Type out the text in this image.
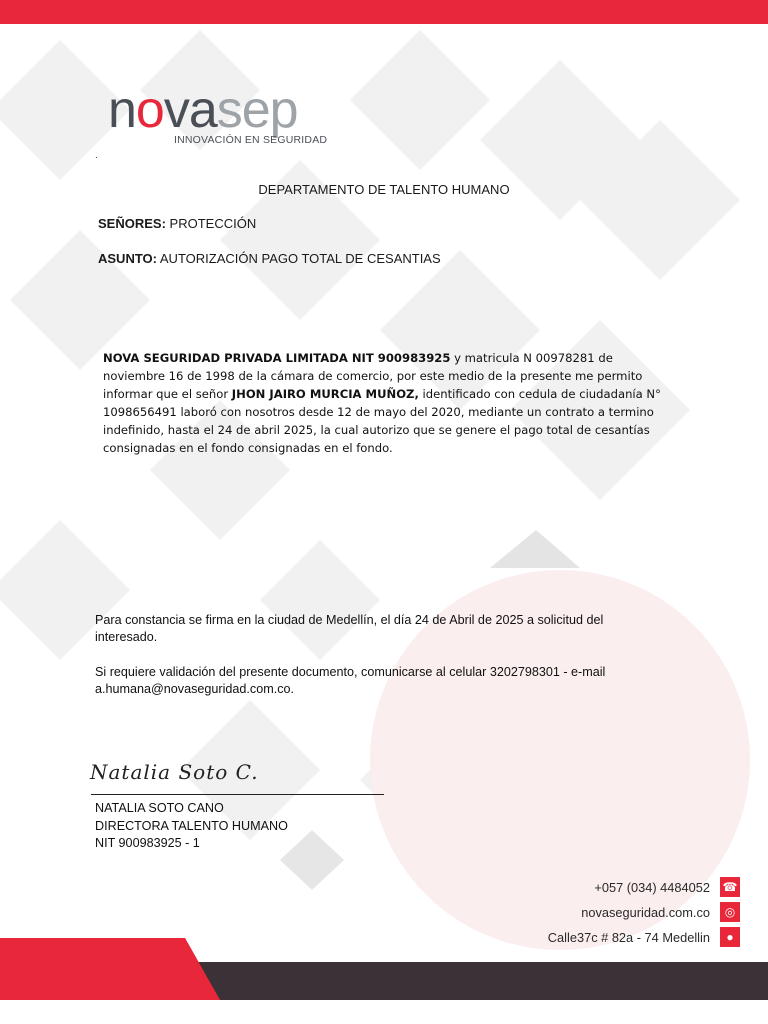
novasep
INNOVACIÓN EN SEGURIDAD
.
DEPARTAMENTO DE TALENTO HUMANO
SEÑORES: PROTECCIÓN
ASUNTO: AUTORIZACIÓN PAGO TOTAL DE CESANTIAS
NOVA SEGURIDAD PRIVADA LIMITADA NIT 900983925 y matricula N 00978281 de noviembre 16 de 1998 de la cámara de comercio, por este medio de la presente me permito informar que el señor JHON JAIRO MURCIA MUÑOZ, identificado con cedula de ciudadanía N° 1098656491 laboró con nosotros desde 12 de mayo del 2020, mediante un contrato a termino indefinido, hasta el 24 de abril 2025, la cual autorizo que se genere el pago total de cesantías consignadas en el fondo consignadas en el fondo.
Para constancia se firma en la ciudad de Medellín, el día 24 de Abril de 2025 a solicitud del interesado.
Si requiere validación del presente documento, comunicarse al celular 3202798301 - e-mail a.humana@novaseguridad.com.co.
Natalia Soto C.
NATALIA SOTO CANO
DIRECTORA TALENTO HUMANO
NIT 900983925 - 1
+057 (034) 4484052 ☎
novaseguridad.com.co	◎
Calle37c # 82a - 74 Medellin	●
